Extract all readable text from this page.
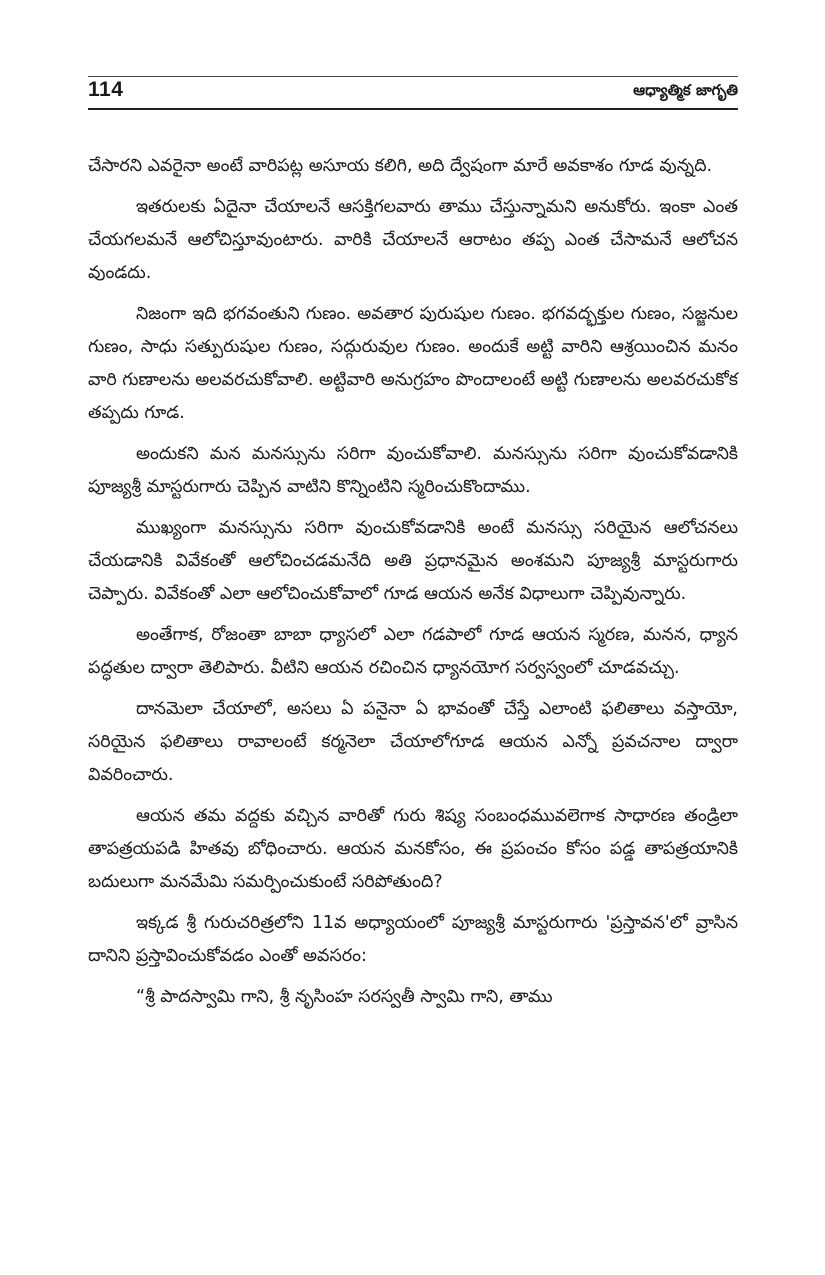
114	ఆధ్యాత్మిక జాగృతి

చేసారని ఎవరైనా అంటే వారిపట్ల అసూయ కలిగి, అది ద్వేషంగా మారే అవకాశం గూడ వున్నది.

ఇతరులకు ఏదైనా చేయాలనే ఆసక్తిగలవారు తాము చేస్తున్నామని అనుకోరు. ఇంకా ఎంత చేయగలమనే ఆలోచిస్తూవుంటారు. వారికి చేయాలనే ఆరాటం తప్ప ఎంత చేసామనే ఆలోచన వుండదు.

నిజంగా ఇది భగవంతుని గుణం. అవతార పురుషుల గుణం. భగవద్భక్తుల గుణం, సజ్జనుల గుణం, సాధు సత్పురుషుల గుణం, సద్గురువుల గుణం. అందుకే అట్టి వారిని ఆశ్రయించిన మనం వారి గుణాలను అలవరచుకోవాలి. అట్టివారి అనుగ్రహం పొందాలంటే అట్టి గుణాలను అలవరచుకోక తప్పదు గూడ.

అందుకని మన మనస్సును సరిగా వుంచుకోవాలి. మనస్సును సరిగా వుంచుకోవడానికి పూజ్యశ్రీ మాస్టరుగారు చెప్పిన వాటిని కొన్నింటిని స్మరించుకొందాము.

ముఖ్యంగా మనస్సును సరిగా వుంచుకోవడానికి అంటే మనస్సు సరియైన ఆలోచనలు చేయడానికి వివేకంతో ఆలోచించడమనేది అతి ప్రధానమైన అంశమని పూజ్యశ్రీ మాస్టరుగారు చెప్పారు. వివేకంతో ఎలా ఆలోచించుకోవాలో గూడ ఆయన అనేక విధాలుగా చెప్పివున్నారు.

అంతేగాక, రోజంతా బాబా ధ్యాసలో ఎలా గడపాలో గూడ ఆయన స్మరణ, మనన, ధ్యాన పద్ధతుల ద్వారా తెలిపారు. వీటిని ఆయన రచించిన ధ్యానయోగ సర్వస్వంలో చూడవచ్చు.

దానమెలా చేయాలో, అసలు ఏ పనైనా ఏ భావంతో చేస్తే ఎలాంటి ఫలితాలు వస్తాయో, సరియైన ఫలితాలు రావాలంటే కర్మనెలా చేయాలోగూడ ఆయన ఎన్నో ప్రవచనాల ద్వారా వివరించారు.

ఆయన తమ వద్దకు వచ్చిన వారితో గురు శిష్య సంబంధమువలెగాక సాధారణ తండ్రిలా తాపత్రయపడి హితవు బోధించారు. ఆయన మనకోసం, ఈ ప్రపంచం కోసం పడ్డ తాపత్రయానికి బదులుగా మనమేమి సమర్పించుకుంటే సరిపోతుంది?

ఇక్కడ శ్రీ గురుచరిత్రలోని 11వ అధ్యాయంలో పూజ్యశ్రీ మాస్టరుగారు 'ప్రస్తావన'లో వ్రాసిన దానిని ప్రస్తావించుకోవడం ఎంతో అవసరం:

“శ్రీ పాదస్వామి గాని, శ్రీ నృసింహ సరస్వతీ స్వామి గాని, తాము
